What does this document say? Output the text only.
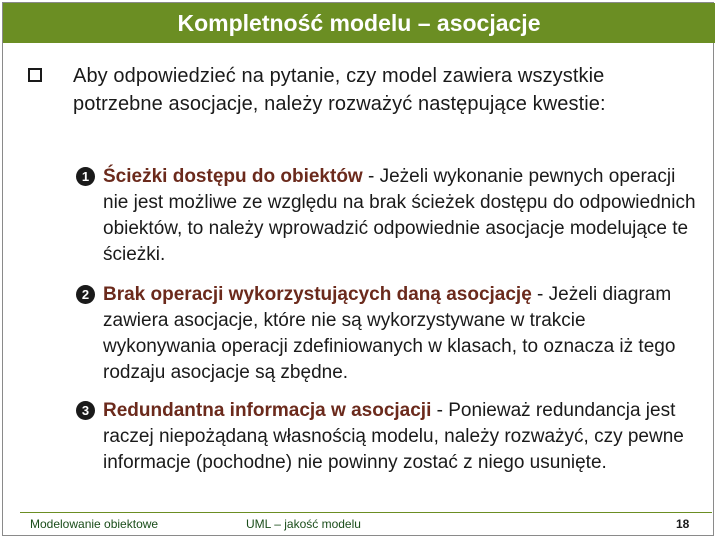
Kompletność modelu – asocjacje
Aby odpowiedzieć na pytanie, czy model zawiera wszystkie potrzebne asocjacje, należy rozważyć następujące kwestie:
1 Ścieżki dostępu do obiektów - Jeżeli wykonanie pewnych operacji nie jest możliwe ze względu na brak ścieżek dostępu do odpowiednich obiektów, to należy wprowadzić odpowiednie asocjacje modelujące te ścieżki.
2 Brak operacji wykorzystujących daną asocjację - Jeżeli diagram zawiera asocjacje, które nie są wykorzystywane w trakcie wykonywania operacji zdefiniowanych w klasach, to oznacza iż tego rodzaju asocjacje są zbędne.
3 Redundantna informacja w asocjacji - Ponieważ redundancja jest raczej niepożądaną własnością modelu, należy rozważyć, czy pewne informacje (pochodne) nie powinny zostać z niego usunięte.
Modelowanie obiektowe	UML – jakość modelu	18
